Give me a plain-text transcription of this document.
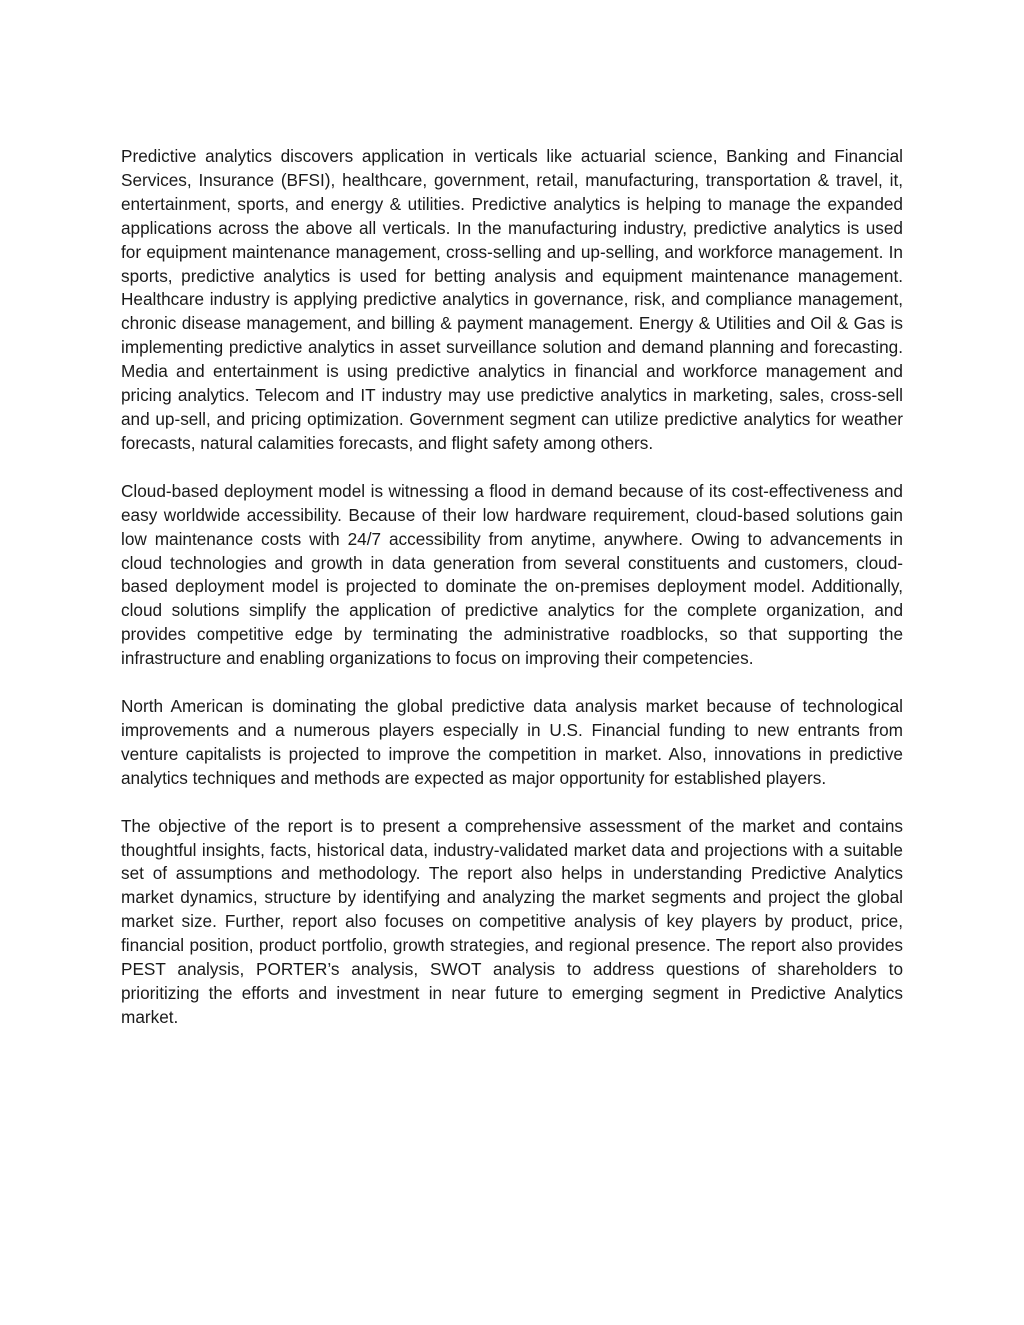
Predictive analytics discovers application in verticals like actuarial science, Banking and Financial Services, Insurance (BFSI), healthcare, government, retail, manufacturing, transportation & travel, it, entertainment, sports, and energy & utilities. Predictive analytics is helping to manage the expanded applications across the above all verticals. In the manufacturing industry, predictive analytics is used for equipment maintenance management, cross-selling and up-selling, and workforce management. In sports, predictive analytics is used for betting analysis and equipment maintenance management. Healthcare industry is applying predictive analytics in governance, risk, and compliance management, chronic disease management, and billing & payment management. Energy & Utilities and Oil & Gas is implementing predictive analytics in asset surveillance solution and demand planning and forecasting. Media and entertainment is using predictive analytics in financial and workforce management and pricing analytics. Telecom and IT industry may use predictive analytics in marketing, sales, cross-sell and up-sell, and pricing optimization. Government segment can utilize predictive analytics for weather forecasts, natural calamities forecasts, and flight safety among others.

Cloud-based deployment model is witnessing a flood in demand because of its cost-effectiveness and easy worldwide accessibility. Because of their low hardware requirement, cloud-based solutions gain low maintenance costs with 24/7 accessibility from anytime, anywhere. Owing to advancements in cloud technologies and growth in data generation from several constituents and customers, cloud-based deployment model is projected to dominate the on-premises deployment model. Additionally, cloud solutions simplify the application of predictive analytics for the complete organization, and provides competitive edge by terminating the administrative roadblocks, so that supporting the infrastructure and enabling organizations to focus on improving their competencies.

North American is dominating the global predictive data analysis market because of technological improvements and a numerous players especially in U.S. Financial funding to new entrants from venture capitalists is projected to improve the competition in market. Also, innovations in predictive analytics techniques and methods are expected as major opportunity for established players.

The objective of the report is to present a comprehensive assessment of the market and contains thoughtful insights, facts, historical data, industry-validated market data and projections with a suitable set of assumptions and methodology. The report also helps in understanding Predictive Analytics market dynamics, structure by identifying and analyzing the market segments and project the global market size. Further, report also focuses on competitive analysis of key players by product, price, financial position, product portfolio, growth strategies, and regional presence. The report also provides PEST analysis, PORTER’s analysis, SWOT analysis to address questions of shareholders to prioritizing the efforts and investment in near future to emerging segment in Predictive Analytics market.
